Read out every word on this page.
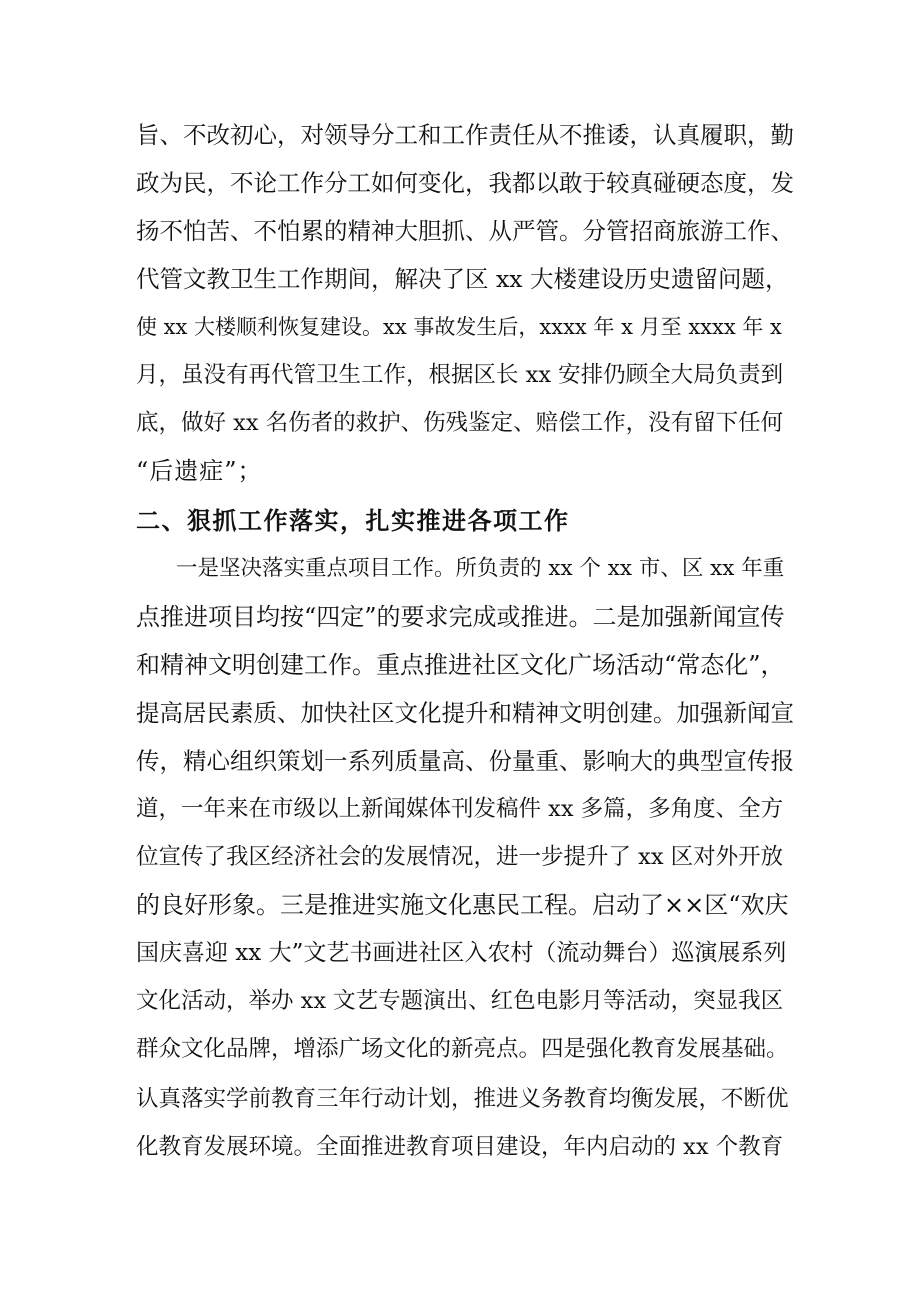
旨、不改初心，对领导分工和工作责任从不推诿，认真履职，勤
政为民，不论工作分工如何变化，我都以敢于较真碰硬态度，发
扬不怕苦、不怕累的精神大胆抓、从严管。分管招商旅游工作、
代管文教卫生工作期间，解决了区 xx 大楼建设历史遗留问题，
使 xx 大楼顺利恢复建设。xx 事故发生后，xxxx 年 x 月至 xxxx 年 x
月，虽没有再代管卫生工作，根据区长 xx 安排仍顾全大局负责到
底，做好 xx 名伤者的救护、伤残鉴定、赔偿工作，没有留下任何
“后遗症”；
二、狠抓工作落实，扎实推进各项工作
一是坚决落实重点项目工作。所负责的 xx 个 xx 市、区 xx 年重
点推进项目均按“四定”的要求完成或推进。二是加强新闻宣传
和精神文明创建工作。重点推进社区文化广场活动“常态化”，
提高居民素质、加快社区文化提升和精神文明创建。加强新闻宣
传，精心组织策划一系列质量高、份量重、影响大的典型宣传报
道，一年来在市级以上新闻媒体刊发稿件 xx 多篇，多角度、全方
位宣传了我区经济社会的发展情况，进一步提升了 xx 区对外开放
的良好形象。三是推进实施文化惠民工程。启动了××区“欢庆
国庆喜迎 xx 大”文艺书画进社区入农村（流动舞台）巡演展系列
文化活动，举办 xx 文艺专题演出、红色电影月等活动，突显我区
群众文化品牌，增添广场文化的新亮点。四是强化教育发展基础。
认真落实学前教育三年行动计划，推进义务教育均衡发展，不断优
化教育发展环境。全面推进教育项目建设，年内启动的 xx 个教育
